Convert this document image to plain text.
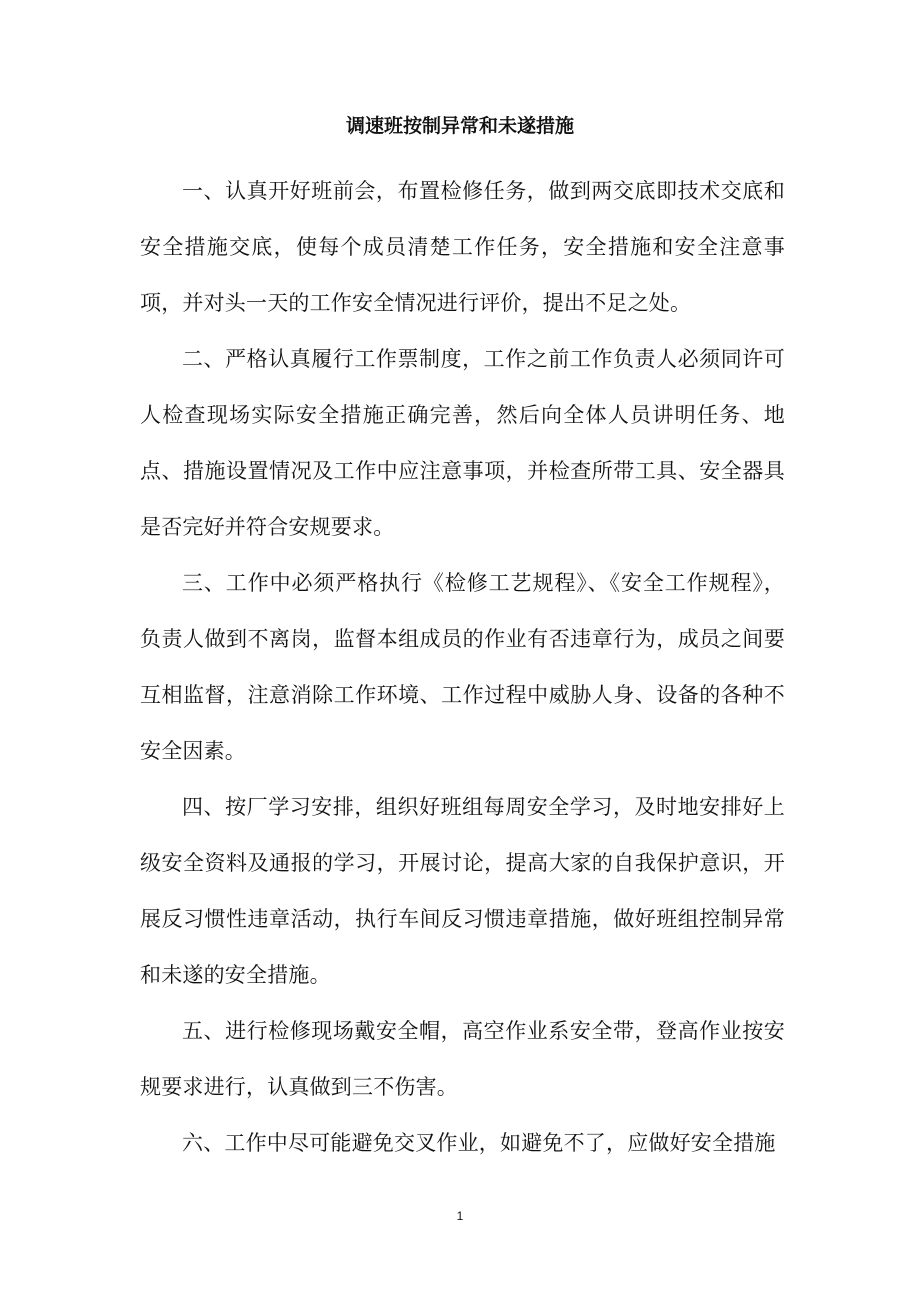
调速班按制异常和未遂措施

一、认真开好班前会，布置检修任务，做到两交底即技术交底和安全措施交底，使每个成员清楚工作任务，安全措施和安全注意事项，并对头一天的工作安全情况进行评价，提出不足之处。

二、严格认真履行工作票制度，工作之前工作负责人必须同许可人检查现场实际安全措施正确完善，然后向全体人员讲明任务、地点、措施设置情况及工作中应注意事项，并检查所带工具、安全器具是否完好并符合安规要求。

三、工作中必须严格执行《检修工艺规程》、《安全工作规程》，负责人做到不离岗，监督本组成员的作业有否违章行为，成员之间要互相监督，注意消除工作环境、工作过程中威胁人身、设备的各种不安全因素。

四、按厂学习安排，组织好班组每周安全学习，及时地安排好上级安全资料及通报的学习，开展讨论，提高大家的自我保护意识，开展反习惯性违章活动，执行车间反习惯违章措施，做好班组控制异常和未遂的安全措施。

五、进行检修现场戴安全帽，高空作业系安全带，登高作业按安规要求进行，认真做到三不伤害。

六、工作中尽可能避免交叉作业，如避免不了，应做好安全措施

1
